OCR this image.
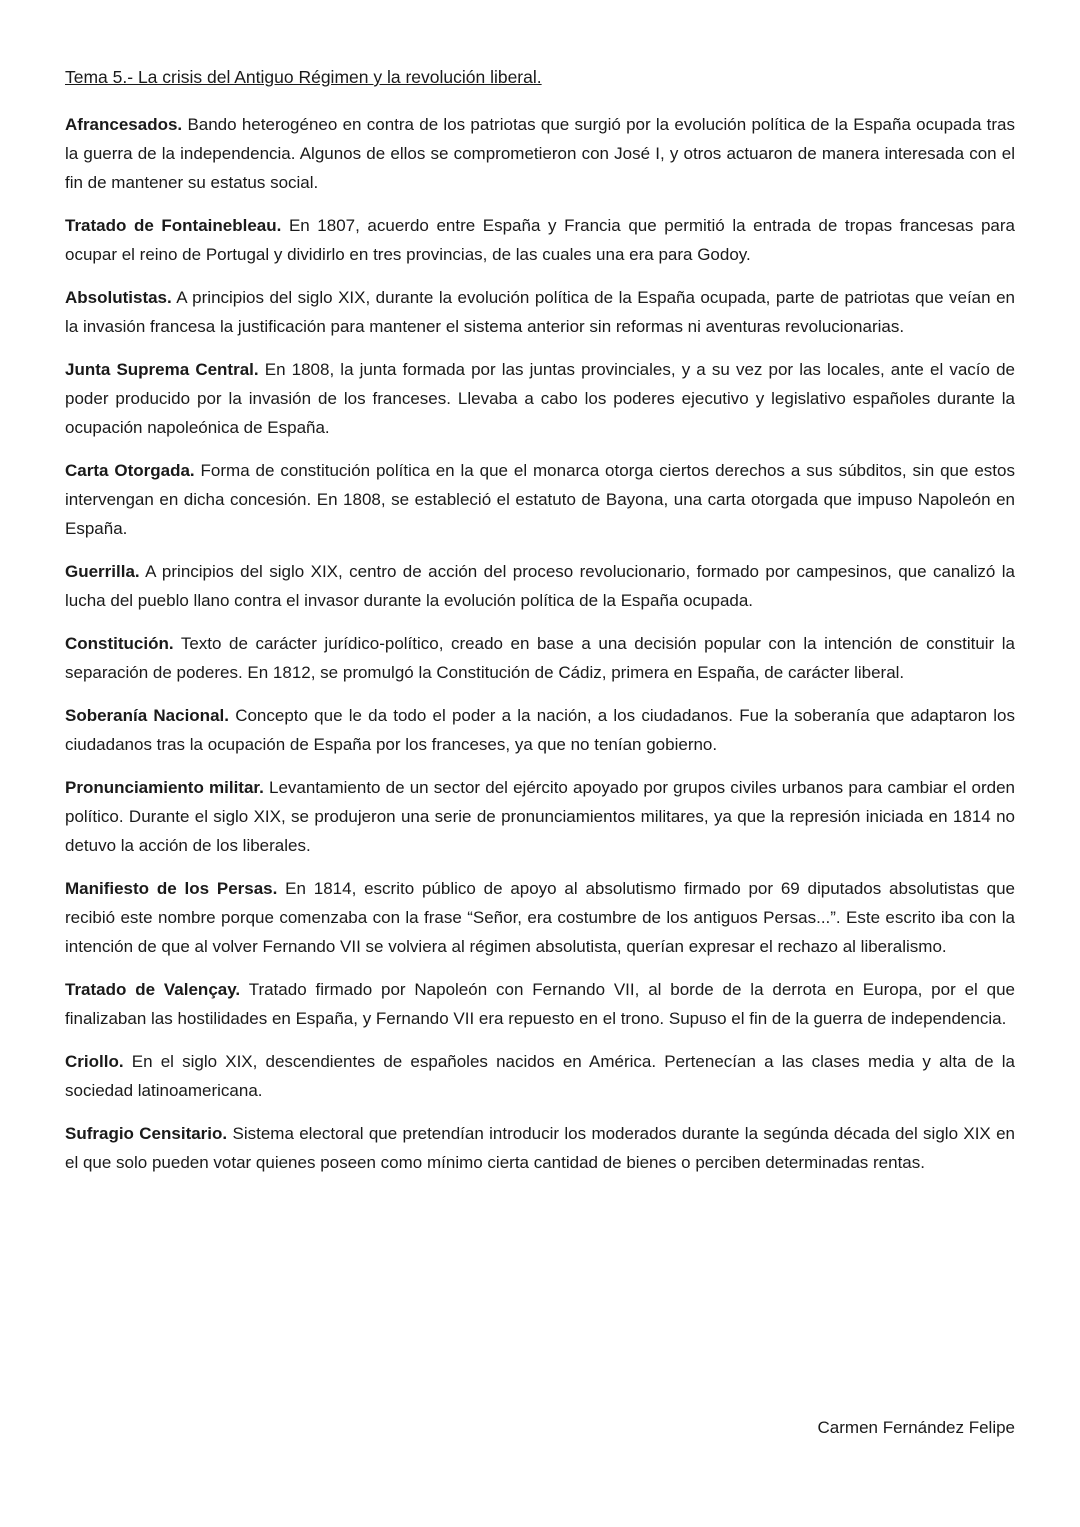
Tema 5.- La crisis del Antiguo Régimen y la revolución liberal.

Afrancesados. Bando heterogéneo en contra de los patriotas que surgió por la evolución política de la España ocupada tras la guerra de la independencia. Algunos de ellos se comprometieron con José I, y otros actuaron de manera interesada con el fin de mantener su estatus social.

Tratado de Fontainebleau. En 1807, acuerdo entre España y Francia que permitió la entrada de tropas francesas para ocupar el reino de Portugal y dividirlo en tres provincias, de las cuales una era para Godoy.

Absolutistas. A principios del siglo XIX, durante la evolución política de la España ocupada, parte de patriotas que veían en la invasión francesa la justificación para mantener el sistema anterior sin reformas ni aventuras revolucionarias.

Junta Suprema Central. En 1808, la junta formada por las juntas provinciales, y a su vez por las locales, ante el vacío de poder producido por la invasión de los franceses. Llevaba a cabo los poderes ejecutivo y legislativo españoles durante la ocupación napoleónica de España.

Carta Otorgada. Forma de constitución política en la que el monarca otorga ciertos derechos a sus súbditos, sin que estos intervengan en dicha concesión. En 1808, se estableció el estatuto de Bayona, una carta otorgada que impuso Napoleón en España.

Guerrilla. A principios del siglo XIX, centro de acción del proceso revolucionario, formado por campesinos, que canalizó la lucha del pueblo llano contra el invasor durante la evolución política de la España ocupada.

Constitución. Texto de carácter jurídico-político, creado en base a una decisión popular con la intención de constituir la separación de poderes. En 1812, se promulgó la Constitución de Cádiz, primera en España, de carácter liberal.

Soberanía Nacional. Concepto que le da todo el poder a la nación, a los ciudadanos. Fue la soberanía que adaptaron los ciudadanos tras la ocupación de España por los franceses, ya que no tenían gobierno.

Pronunciamiento militar. Levantamiento de un sector del ejército apoyado por grupos civiles urbanos para cambiar el orden político. Durante el siglo XIX, se produjeron una serie de pronunciamientos militares, ya que la represión iniciada en 1814 no detuvo la acción de los liberales.

Manifiesto de los Persas. En 1814, escrito público de apoyo al absolutismo firmado por 69 diputados absolutistas que recibió este nombre porque comenzaba con la frase “Señor, era costumbre de los antiguos Persas...”. Este escrito iba con la intención de que al volver Fernando VII se volviera al régimen absolutista, querían expresar el rechazo al liberalismo.

Tratado de Valençay. Tratado firmado por Napoleón con Fernando VII, al borde de la derrota en Europa, por el que finalizaban las hostilidades en España, y Fernando VII era repuesto en el trono. Supuso el fin de la guerra de independencia.

Criollo. En el siglo XIX, descendientes de españoles nacidos en América. Pertenecían a las clases media y alta de la sociedad latinoamericana.

Sufragio Censitario. Sistema electoral que pretendían introducir los moderados durante la segúnda década del siglo XIX en el que solo pueden votar quienes poseen como mínimo cierta cantidad de bienes o perciben determinadas rentas.

Carmen Fernández Felipe
